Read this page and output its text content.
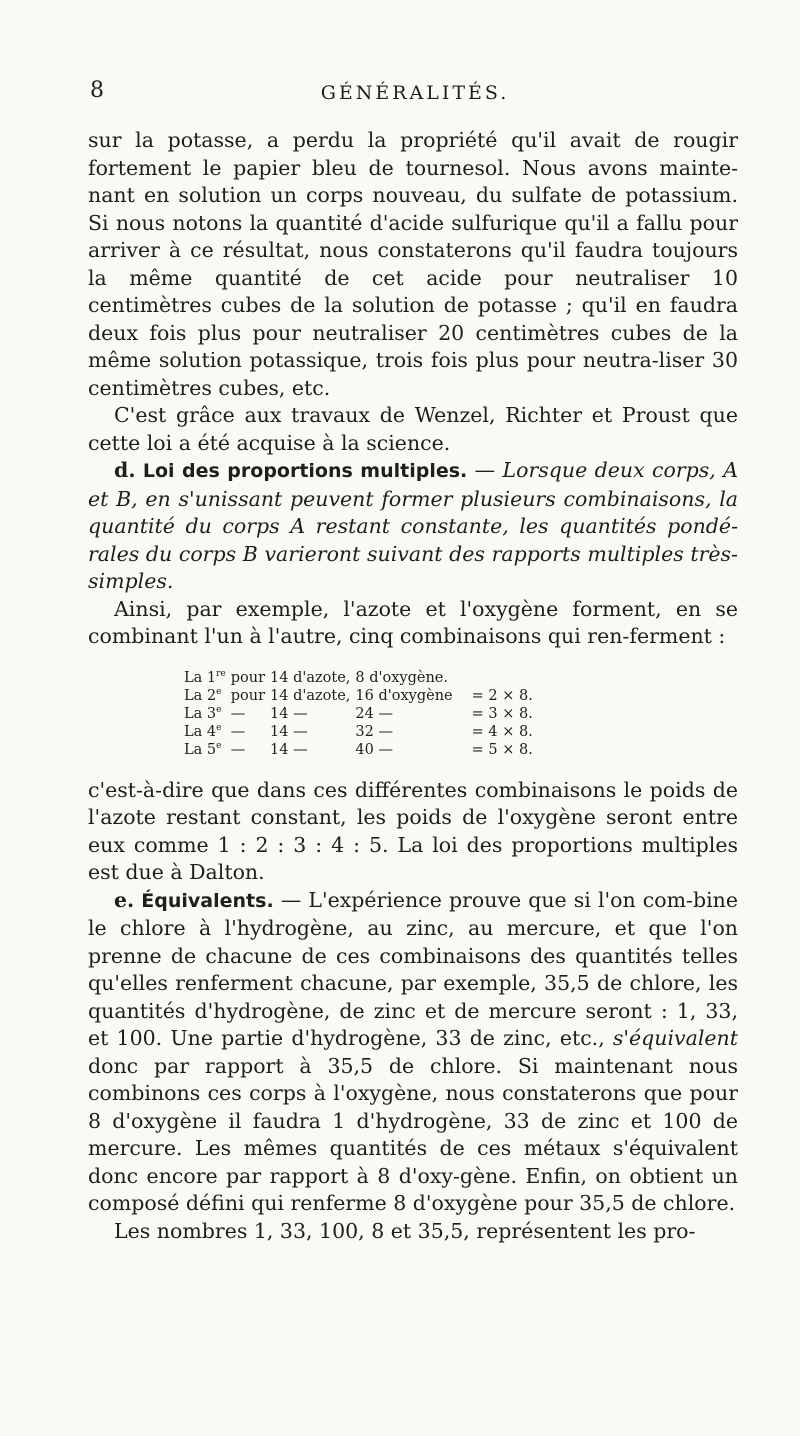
8	GÉNÉRALITÉS.

sur la potasse, a perdu la propriété qu'il avait de rougir fortement le papier bleu de tournesol. Nous avons mainte-nant en solution un corps nouveau, du sulfate de potassium. Si nous notons la quantité d'acide sulfurique qu'il a fallu pour arriver à ce résultat, nous constaterons qu'il faudra toujours la même quantité de cet acide pour neutraliser 10 centimètres cubes de la solution de potasse ; qu'il en faudra deux fois plus pour neutraliser 20 centimètres cubes de la même solution potassique, trois fois plus pour neutra-liser 30 centimètres cubes, etc.

C'est grâce aux travaux de Wenzel, Richter et Proust que cette loi a été acquise à la science.

d. Loi des proportions multiples. — Lorsque deux corps, A et B, en s'unissant peuvent former plusieurs combinaisons, la quantité du corps A restant constante, les quantités pondé-rales du corps B varieront suivant des rapports multiples très-simples.

Ainsi, par exemple, l'azote et l'oxygène forment, en se combinant l'un à l'autre, cinq combinaisons qui ren-ferment :

La 1re	pour	14 d'azote,	8 d'oxygène.	
La 2e	pour	14 d'azote,	16 d'oxygène	= 2 × 8.
La 3e	—	14 —	24 —	= 3 × 8.
La 4e	—	14 —	32 —	= 4 × 8.
La 5e	—	14 —	40 —	= 5 × 8.

c'est-à-dire que dans ces différentes combinaisons le poids de l'azote restant constant, les poids de l'oxygène seront entre eux comme 1 : 2 : 3 : 4 : 5. La loi des proportions multiples est due à Dalton.

e. Équivalents. — L'expérience prouve que si l'on com-bine le chlore à l'hydrogène, au zinc, au mercure, et que l'on prenne de chacune de ces combinaisons des quantités telles qu'elles renferment chacune, par exemple, 35,5 de chlore, les quantités d'hydrogène, de zinc et de mercure seront : 1, 33, et 100. Une partie d'hydrogène, 33 de zinc, etc., s'équivalent donc par rapport à 35,5 de chlore. Si maintenant nous combinons ces corps à l'oxygène, nous constaterons que pour 8 d'oxygène il faudra 1 d'hydrogène, 33 de zinc et 100 de mercure. Les mêmes quantités de ces métaux s'équivalent donc encore par rapport à 8 d'oxy-gène. Enfin, on obtient un composé défini qui renferme 8 d'oxygène pour 35,5 de chlore.

Les nombres 1, 33, 100, 8 et 35,5, représentent les pro-
